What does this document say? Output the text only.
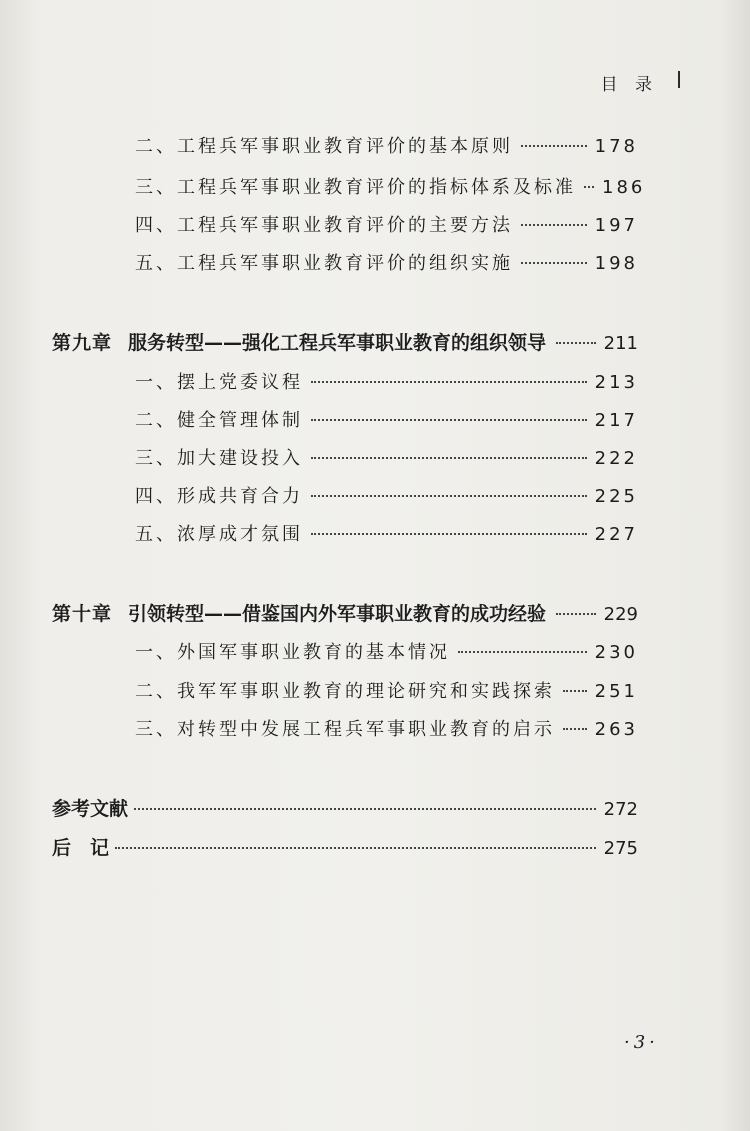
目 录
二、工程兵军事职业教育评价的基本原则	178
三、工程兵军事职业教育评价的指标体系及标准 186
四、工程兵军事职业教育评价的主要方法	197
五、工程兵军事职业教育评价的组织实施	198
第九章 服务转型——强化工程兵军事职业教育的组织领导	211
一、摆上党委议程	213
二、健全管理体制	217
三、加大建设投入	222
四、形成共育合力	225
五、浓厚成才氛围	227
第十章 引领转型——借鉴国内外军事职业教育的成功经验	229
一、外国军事职业教育的基本情况	230
二、我军军事职业教育的理论研究和实践探索 251
三、对转型中发展工程兵军事职业教育的启示 263
参考文献	272
后　记	275
·3·
